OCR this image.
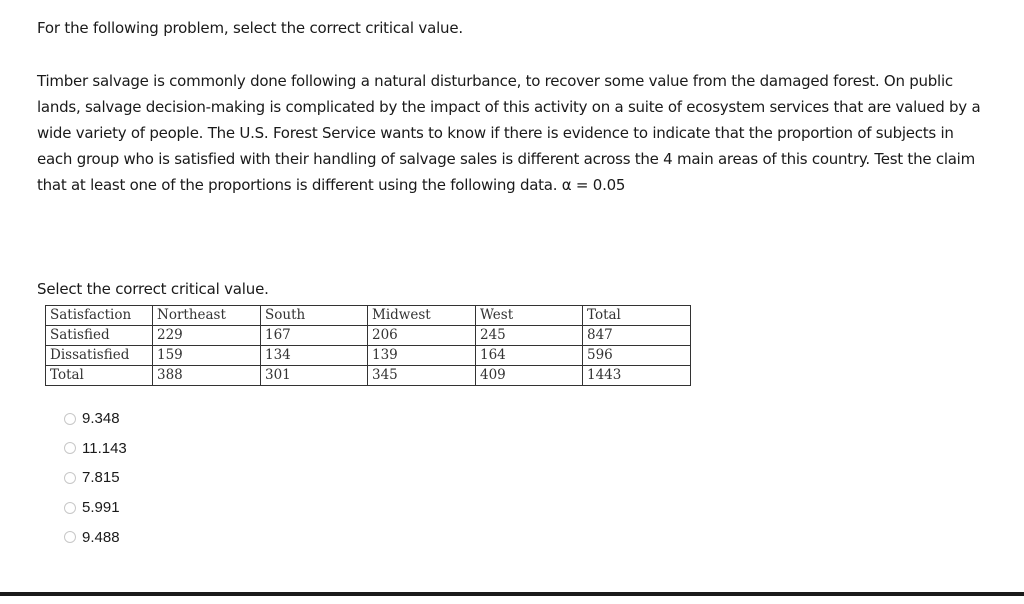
For the following problem, select the correct critical value.

Timber salvage is commonly done following a natural disturbance, to recover some value from the damaged forest. On public lands, salvage decision-making is complicated by the impact of this activity on a suite of ecosystem services that are valued by a wide variety of people. The U.S. Forest Service wants to know if there is evidence to indicate that the proportion of subjects in each group who is satisfied with their handling of salvage sales is different across the 4 main areas of this country. Test the claim that at least one of the proportions is different using the following data. α = 0.05

Select the correct critical value.

Satisfaction	Northeast	South	Midwest	West	Total
Satisfied	229	167	206	245	847
Dissatisfied	159	134	139	164	596
Total	388	301	345	409	1443
9.348
11.143
7.815
5.991
9.488
